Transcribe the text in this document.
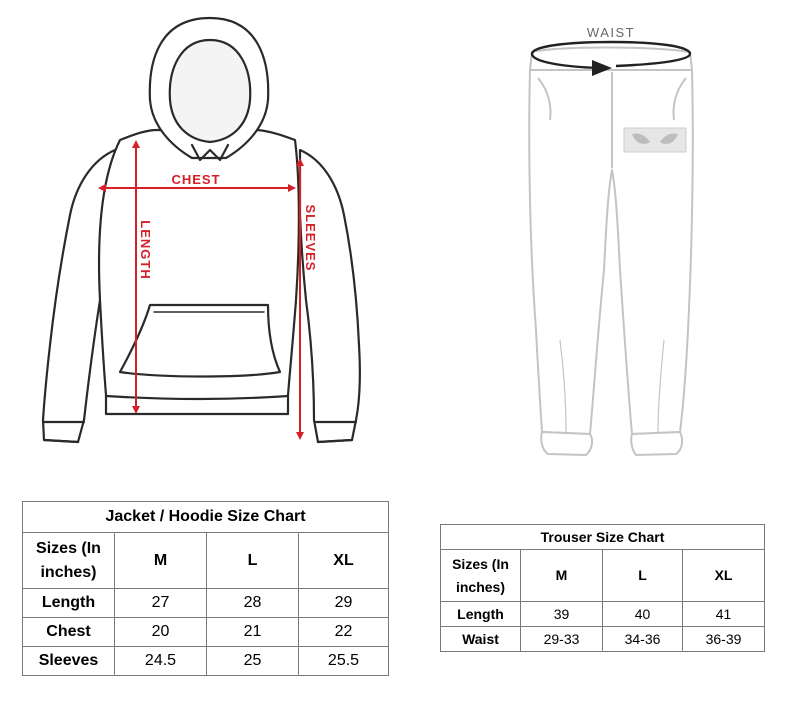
CHEST
LENGTH	SLEEVES
WAIST
Jacket / Hoodie Size Chart			
Sizes (In
inches)	M	L	XL
Length	27	28	29
Chest	20	21	22
Sleeves	24.5	25	25.5
Trouser Size Chart			
Sizes (In
inches)	M	L	XL
Length	39	40	41
Waist	29-33	34-36	36-39
